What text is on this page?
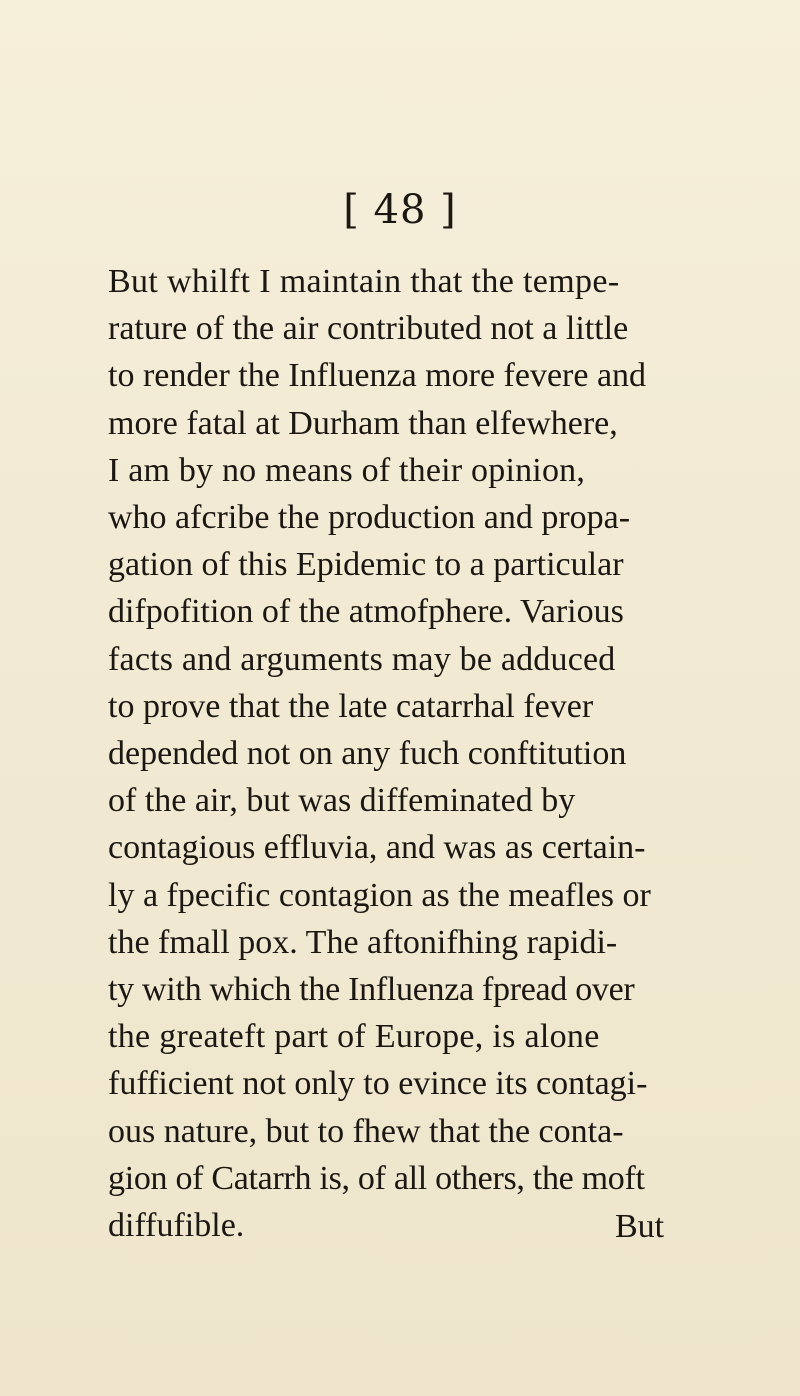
[ 48 ]
But whilft I maintain that the tempe-
rature of the air contributed not a little
to render the Influenza more fevere and
more fatal at Durham than elfewhere,
I am by no means of their opinion,
who afcribe the production and propa-
gation of this Epidemic to a particular
difpofition of the atmofphere. Various
facts and arguments may be adduced
to prove that the late catarrhal fever
depended not on any fuch conftitution
of the air, but was diffeminated by
contagious effluvia, and was as certain-
ly a fpecific contagion as the meafles or
the fmall pox. The aftonifhing rapidi-
ty with which the Influenza fpread over
the greateft part of Europe, is alone
fufficient not only to evince its contagi-
ous nature, but to fhew that the conta-
gion of Catarrh is, of all others, the moft
diffufible.	But
